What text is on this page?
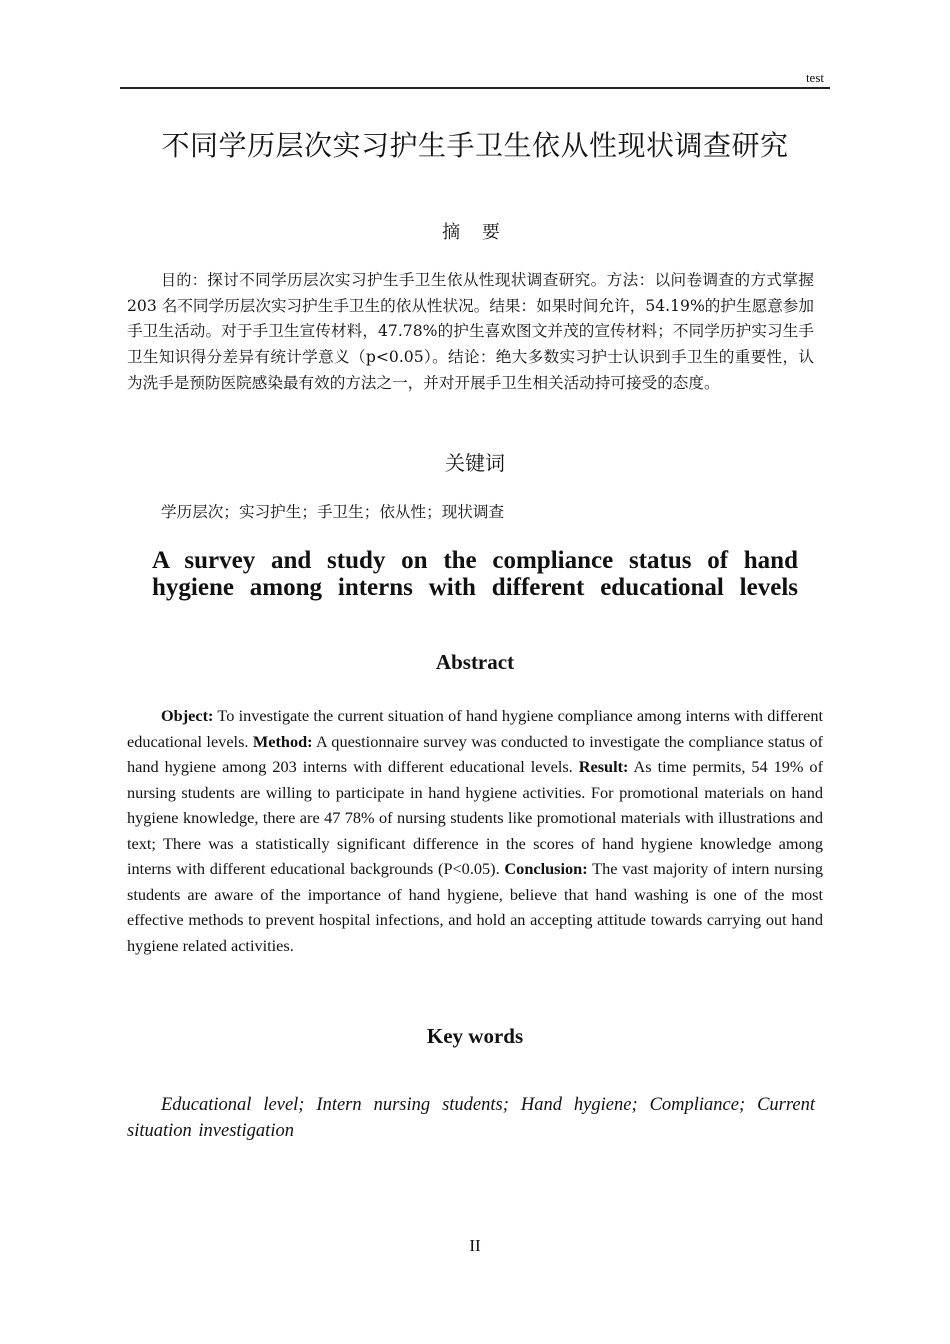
test
不同学历层次实习护生手卫生依从性现状调查研究
摘 要
目的：探讨不同学历层次实习护生手卫生依从性现状调查研究。方法：以问卷调查的方式掌握 203 名不同学历层次实习护生手卫生的依从性状况。结果：如果时间允许，54.19%的护生愿意参加手卫生活动。对于手卫生宣传材料，47.78%的护生喜欢图文并茂的宣传材料；不同学历护实习生手卫生知识得分差异有统计学意义（p<0.05）。结论：绝大多数实习护士认识到手卫生的重要性，认为洗手是预防医院感染最有效的方法之一，并对开展手卫生相关活动持可接受的态度。
关键词
学历层次；实习护生；手卫生；依从性；现状调查
A survey and study on the compliance status of hand hygiene among interns with different educational levels
Abstract
Object: To investigate the current situation of hand hygiene compliance among interns with different educational levels. Method: A questionnaire survey was conducted to investigate the compliance status of hand hygiene among 203 interns with different educational levels. Result: As time permits, 54 19% of nursing students are willing to participate in hand hygiene activities. For promotional materials on hand hygiene knowledge, there are 47 78% of nursing students like promotional materials with illustrations and text; There was a statistically significant difference in the scores of hand hygiene knowledge among interns with different educational backgrounds (P<0.05). Conclusion: The vast majority of intern nursing students are aware of the importance of hand hygiene, believe that hand washing is one of the most effective methods to prevent hospital infections, and hold an accepting attitude towards carrying out hand hygiene related activities.
Key words
Educational level; Intern nursing students; Hand hygiene; Compliance; Current situation investigation
II
